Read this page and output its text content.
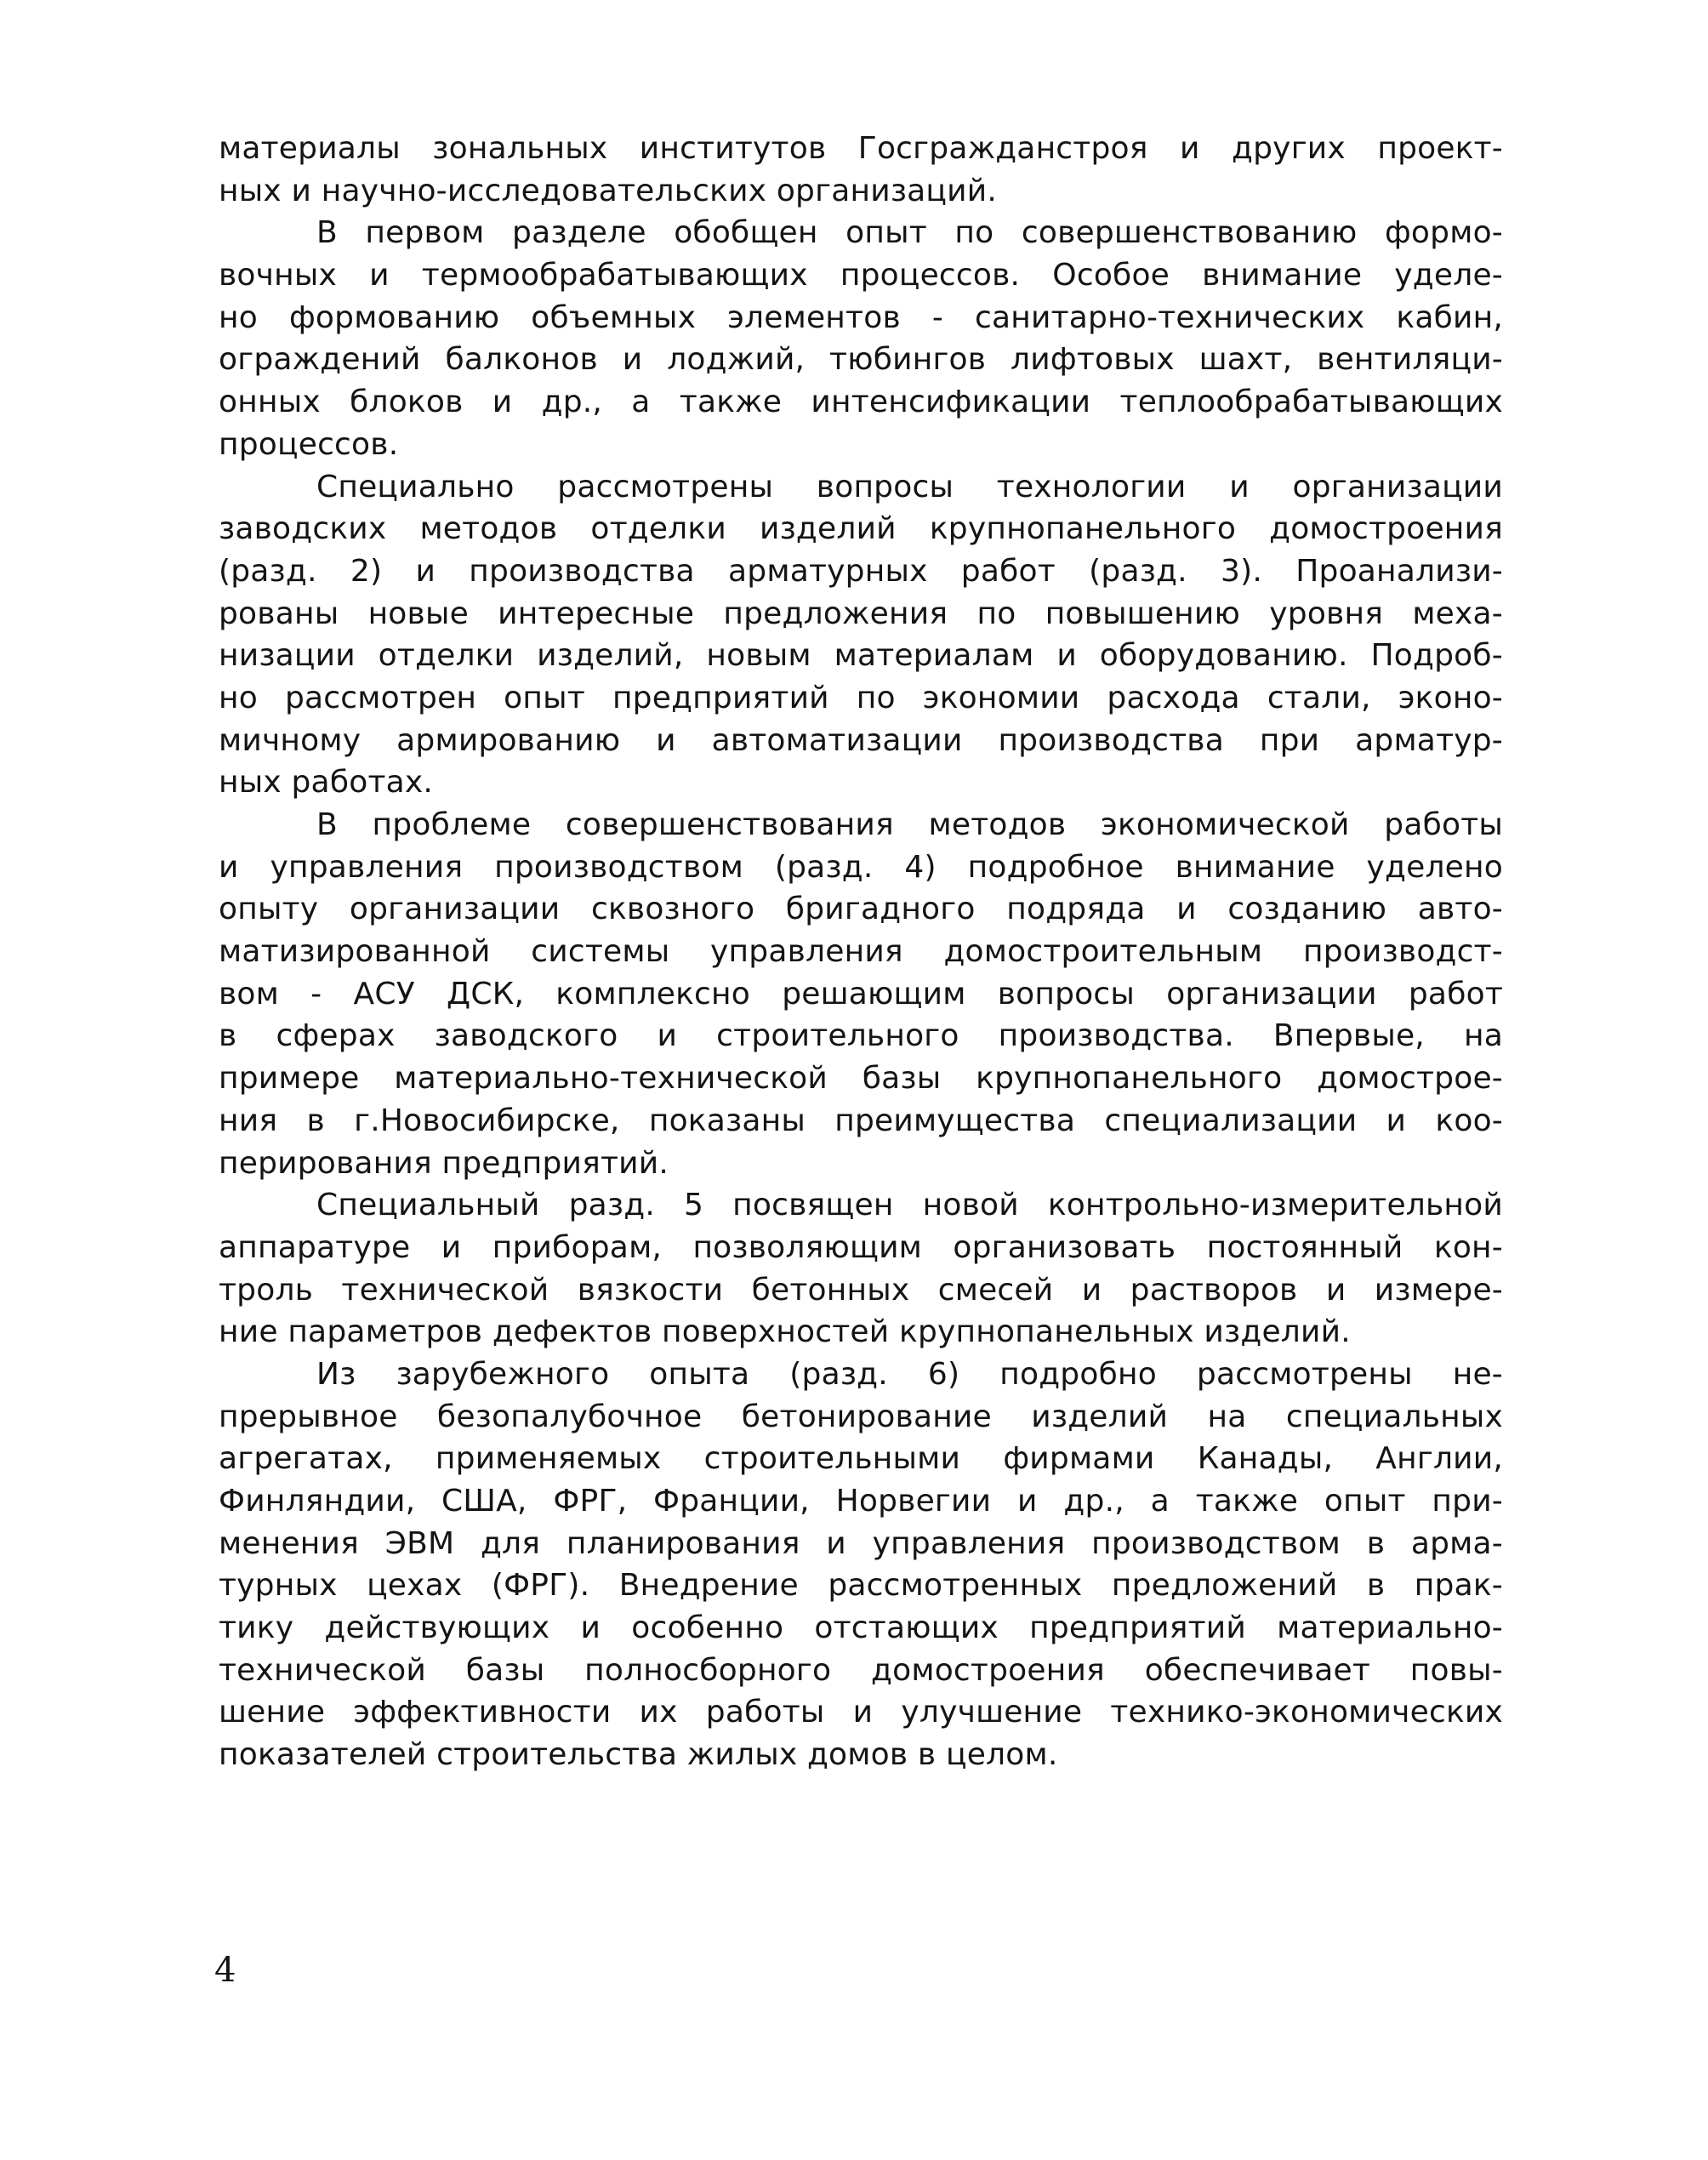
материалы зональных институтов Госгражданстроя и других проект-
ных и научно-исследовательских организаций.
В первом разделе обобщен опыт по совершенствованию формо-
вочных и термообрабатывающих процессов. Особое внимание уделе-
но формованию объемных элементов - санитарно-технических кабин,
ограждений балконов и лоджий, тюбингов лифтовых шахт, вентиляци-
онных блоков и др., а также интенсификации теплообрабатывающих
процессов.
Специально рассмотрены вопросы технологии и организации
заводских методов отделки изделий крупнопанельного домостроения
(разд. 2) и производства арматурных работ (разд. 3). Проанализи-
рованы новые интересные предложения по повышению уровня меха-
низации отделки изделий, новым материалам и оборудованию. Подроб-
но рассмотрен опыт предприятий по экономии расхода стали, эконо-
мичному армированию и автоматизации производства при арматур-
ных работах.
В проблеме совершенствования методов экономической работы
и управления производством (разд. 4) подробное внимание уделено
опыту организации сквозного бригадного подряда и созданию авто-
матизированной системы управления домостроительным производст-
вом - АСУ ДСК, комплексно решающим вопросы организации работ
в сферах заводского и строительного производства. Впервые, на
примере материально-технической базы крупнопанельного домострое-
ния в г.Новосибирске, показаны преимущества специализации и коо-
перирования предприятий.
Специальный разд. 5 посвящен новой контрольно-измерительной
аппаратуре и приборам, позволяющим организовать постоянный кон-
троль технической вязкости бетонных смесей и растворов и измере-
ние параметров дефектов поверхностей крупнопанельных изделий.
Из зарубежного опыта (разд. 6) подробно рассмотрены не-
прерывное безопалубочное бетонирование изделий на специальных
агрегатах, применяемых строительными фирмами Канады, Англии,
Финляндии, США, ФРГ, Франции, Норвегии и др., а также опыт при-
менения ЭВМ для планирования и управления производством в арма-
турных цехах (ФРГ). Внедрение рассмотренных предложений в прак-
тику действующих и особенно отстающих предприятий материально-
технической базы полносборного домостроения обеспечивает повы-
шение эффективности их работы и улучшение технико-экономических
показателей строительства жилых домов в целом.
4
